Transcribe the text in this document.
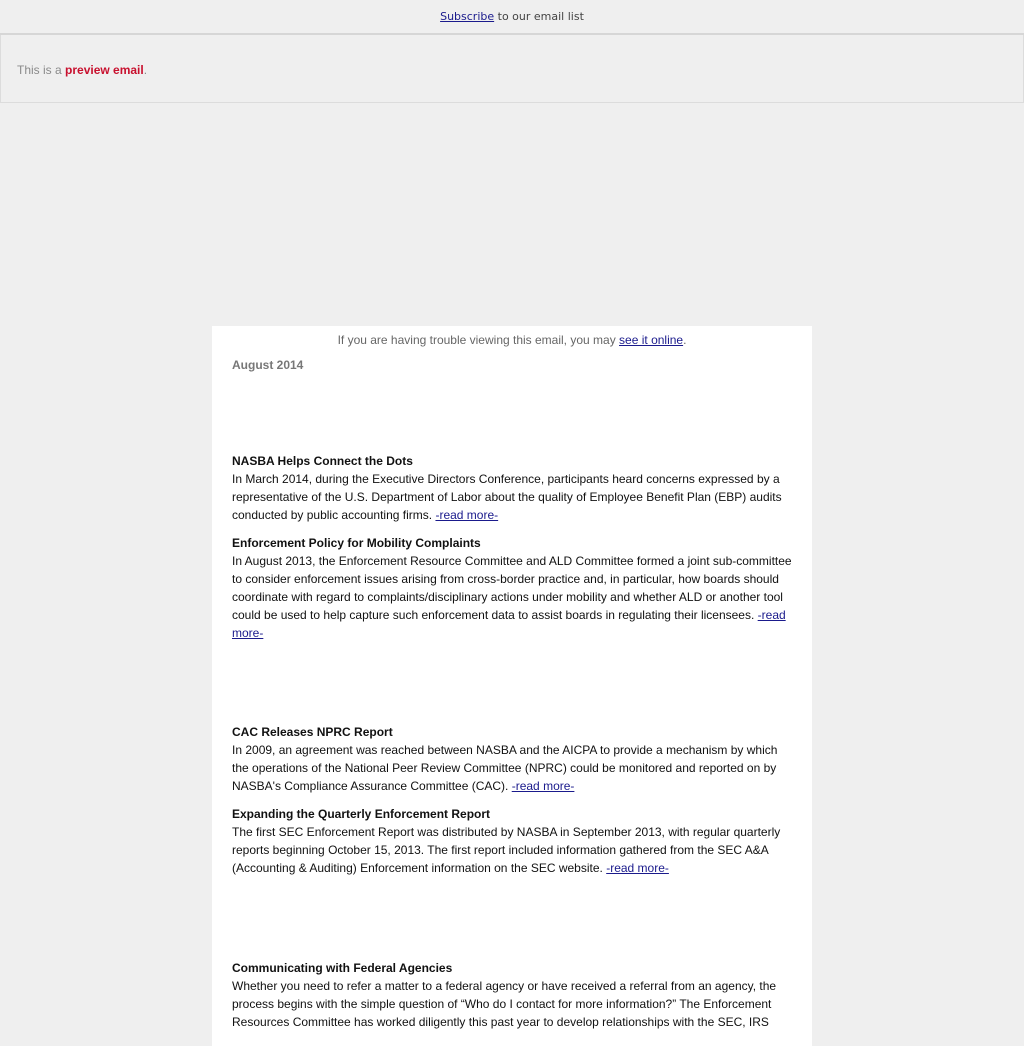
Subscribe to our email list
This is a preview email.
If you are having trouble viewing this email, you may see it online.
August 2014
NASBA Helps Connect the Dots

In March 2014, during the Executive Directors Conference, participants heard concerns expressed by a representative of the U.S. Department of Labor about the quality of Employee Benefit Plan (EBP) audits conducted by public accounting firms. -read more-

Enforcement Policy for Mobility Complaints

In August 2013, the Enforcement Resource Committee and ALD Committee formed a joint sub-committee to consider enforcement issues arising from cross-border practice and, in particular, how boards should coordinate with regard to complaints/disciplinary actions under mobility and whether ALD or another tool could be used to help capture such enforcement data to assist boards in regulating their licensees. -read more-

CAC Releases NPRC Report

In 2009, an agreement was reached between NASBA and the AICPA to provide a mechanism by which the operations of the National Peer Review Committee (NPRC) could be monitored and reported on by NASBA's Compliance Assurance Committee (CAC). -read more-

Expanding the Quarterly Enforcement Report

The first SEC Enforcement Report was distributed by NASBA in September 2013, with regular quarterly reports beginning October 15, 2013. The first report included information gathered from the SEC A&A (Accounting & Auditing) Enforcement information on the SEC website. -read more-

Communicating with Federal Agencies

Whether you need to refer a matter to a federal agency or have received a referral from an agency, the process begins with the simple question of “Who do I contact for more information?” The Enforcement Resources Committee has worked diligently this past year to develop relationships with the SEC, IRS
